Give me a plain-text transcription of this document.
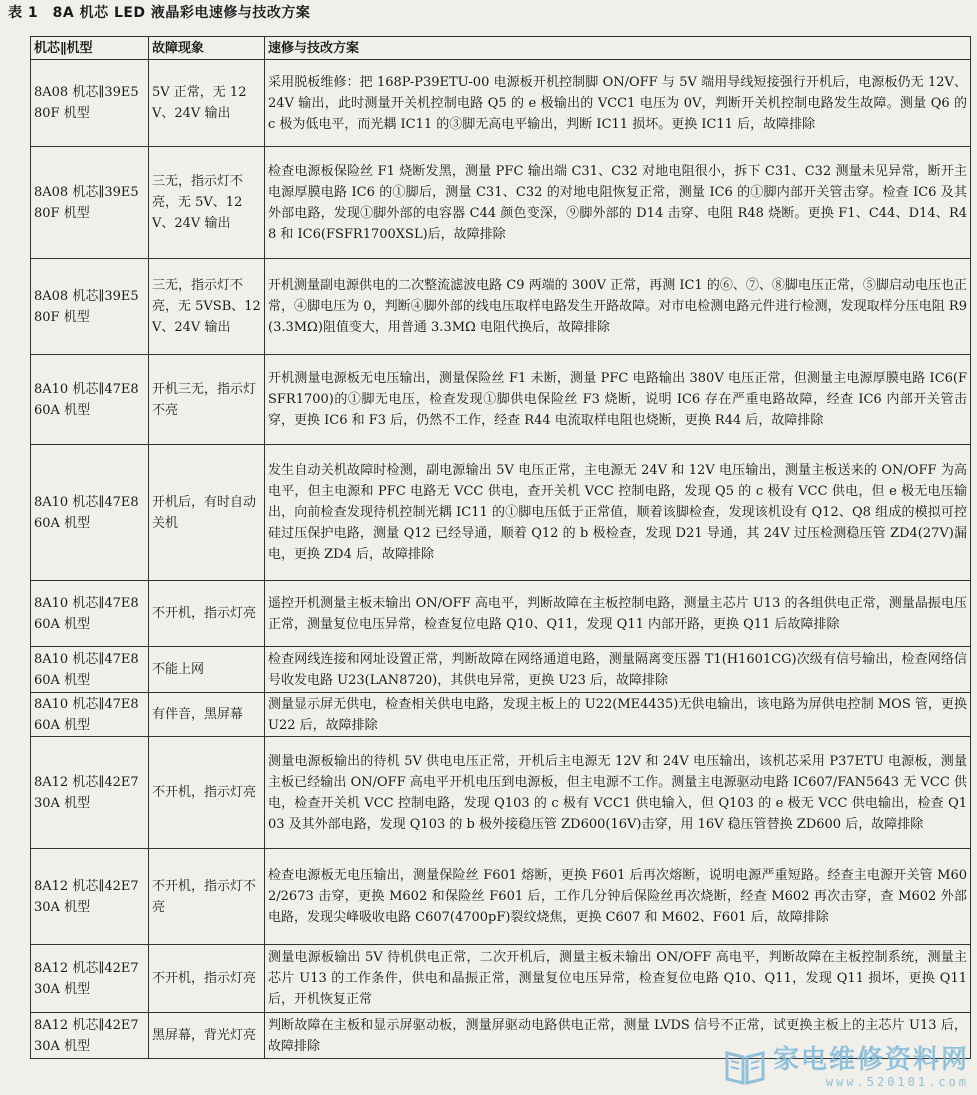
表 1　8A 机芯 LED 液晶彩电速修与技改方案
机芯∥机型	故障现象	速修与技改方案
8A08 机芯∥39E580F 机型	5V 正常，无 12V、24V 输出	采用脱板维修：把 168P-P39ETU-00 电源板开机控制脚 ON/OFF 与 5V 端用导线短接强行开机后，电源板仍无 12V、24V 输出，此时测量开关机控制电路 Q5 的 e 极输出的 VCC1 电压为 0V，判断开关机控制电路发生故障。测量 Q6 的 c 极为低电平，而光耦 IC11 的③脚无高电平输出，判断 IC11 损坏。更换 IC11 后，故障排除
8A08 机芯∥39E580F 机型	三无，指示灯不亮，无 5V、12V、24V 输出	检查电源板保险丝 F1 烧断发黑，测量 PFC 输出端 C31、C32 对地电阻很小，拆下 C31、C32 测量未见异常，断开主电源厚膜电路 IC6 的①脚后，测量 C31、C32 的对地电阻恢复正常，测量 IC6 的①脚内部开关管击穿。检查 IC6 及其外部电路，发现①脚外部的电容器 C44 颜色变深，⑨脚外部的 D14 击穿、电阻 R48 烧断。更换 F1、C44、D14、R48 和 IC6(FSFR1700XSL)后，故障排除
8A08 机芯∥39E580F 机型	三无，指示灯不亮，无 5VSB、12V、24V 输出	开机测量副电源供电的二次整流滤波电路 C9 两端的 300V 正常，再测 IC1 的⑥、⑦、⑧脚电压正常，⑤脚启动电压也正常，④脚电压为 0，判断④脚外部的线电压取样电路发生开路故障。对市电检测电路元件进行检测，发现取样分压电阻 R9(3.3MΩ)阻值变大，用普通 3.3MΩ 电阻代换后，故障排除
8A10 机芯∥47E860A 机型	开机三无，指示灯不亮	开机测量电源板无电压输出，测量保险丝 F1 未断，测量 PFC 电路输出 380V 电压正常，但测量主电源厚膜电路 IC6(FSFR1700)的①脚无电压，检查发现①脚供电保险丝 F3 烧断，说明 IC6 存在严重电路故障，经查 IC6 内部开关管击穿，更换 IC6 和 F3 后，仍然不工作，经查 R44 电流取样电阻也烧断，更换 R44 后，故障排除
8A10 机芯∥47E860A 机型	开机后，有时自动关机	发生自动关机故障时检测，副电源输出 5V 电压正常，主电源无 24V 和 12V 电压输出，测量主板送来的 ON/OFF 为高电平，但主电源和 PFC 电路无 VCC 供电，查开关机 VCC 控制电路，发现 Q5 的 c 极有 VCC 供电，但 e 极无电压输出，向前检查发现待机控制光耦 IC11 的①脚电压低于正常值，顺着该脚检查，发现该机设有 Q12、Q8 组成的模拟可控硅过压保护电路，测量 Q12 已经导通，顺着 Q12 的 b 极检查，发现 D21 导通，其 24V 过压检测稳压管 ZD4(27V)漏电，更换 ZD4 后，故障排除
8A10 机芯∥47E860A 机型	不开机，指示灯亮	遥控开机测量主板未输出 ON/OFF 高电平，判断故障在主板控制电路，测量主芯片 U13 的各组供电正常，测量晶振电压正常，测量复位电压异常，检查复位电路 Q10、Q11，发现 Q11 内部开路，更换 Q11 后故障排除
8A10 机芯∥47E860A 机型	不能上网	检查网线连接和网址设置正常，判断故障在网络通道电路，测量隔离变压器 T1(H1601CG)次级有信号输出，检查网络信号收发电路 U23(LAN8720)，其供电异常，更换 U23 后，故障排除
8A10 机芯∥47E860A 机型	有伴音，黑屏幕	测量显示屏无供电，检查相关供电电路，发现主板上的 U22(ME4435)无供电输出，该电路为屏供电控制 MOS 管，更换 U22 后，故障排除
8A12 机芯∥42E730A 机型	不开机，指示灯亮	测量电源板输出的待机 5V 供电电压正常，开机后主电源无 12V 和 24V 电压输出，该机芯采用 P37ETU 电源板，测量主板已经输出 ON/OFF 高电平开机电压到电源板，但主电源不工作。测量主电源驱动电路 IC607/FAN5643 无 VCC 供电，检查开关机 VCC 控制电路，发现 Q103 的 c 极有 VCC1 供电输入，但 Q103 的 e 极无 VCC 供电输出，检查 Q103 及其外部电路，发现 Q103 的 b 极外接稳压管 ZD600(16V)击穿，用 16V 稳压管替换 ZD600 后，故障排除
8A12 机芯∥42E730A 机型	不开机，指示灯不亮	检查电源板无电压输出，测量保险丝 F601 熔断，更换 F601 后再次熔断，说明电源严重短路。经查主电源开关管 M602/2673 击穿，更换 M602 和保险丝 F601 后，工作几分钟后保险丝再次烧断，经查 M602 再次击穿，查 M602 外部电路，发现尖峰吸收电路 C607(4700pF)裂纹烧焦，更换 C607 和 M602、F601 后，故障排除
8A12 机芯∥42E730A 机型	不开机，指示灯亮	测量电源板输出 5V 待机供电正常，二次开机后，测量主板未输出 ON/OFF 高电平，判断故障在主板控制系统，测量主芯片 U13 的工作条件，供电和晶振正常，测量复位电压异常，检查复位电路 Q10、Q11，发现 Q11 损坏，更换 Q11 后，开机恢复正常
8A12 机芯∥42E730A 机型	黑屏幕，背光灯亮	判断故障在主板和显示屏驱动板，测量屏驱动电路供电正常，测量 LVDS 信号不正常，试更换主板上的主芯片 U13 后，故障排除	家电维修资料网
www.520101.com
